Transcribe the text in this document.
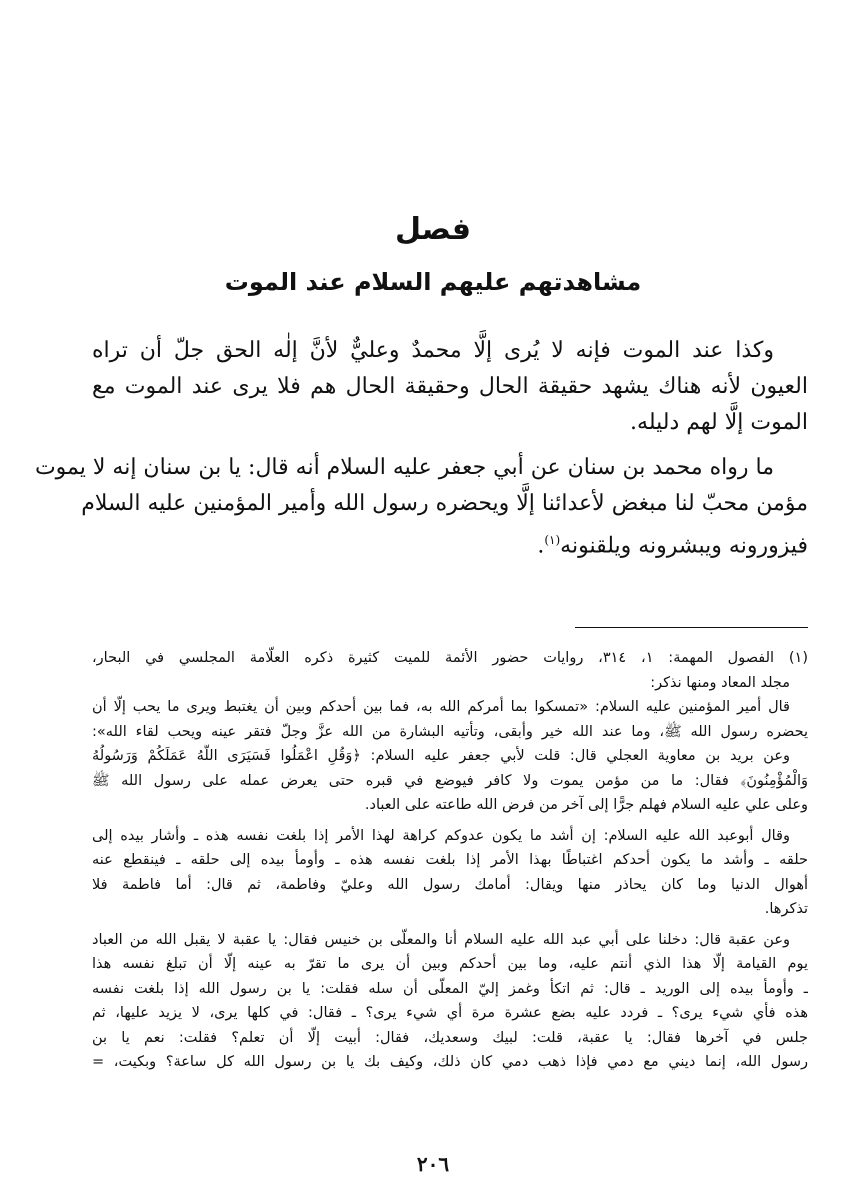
فصل
مشاهدتهم عليهم السلام عند الموت
وكذا عند الموت فإنه لا يُرى إلَّا محمدٌ وعليٌّ لأنَّ إلٰه الحق جلّ أن تراه
العيون لأنه هناك يشهد حقيقة الحال وحقيقة الحال هم فلا يرى عند الموت مع
الموت إلَّا لهم دليله.
ما رواه محمد بن سنان عن أبي جعفر عليه السلام أنه قال: يا بن سنان إنه لا يموت
مؤمن محبّ لنا مبغض لأعدائنا إلَّا ويحضره رسول الله وأمير المؤمنين عليه السلام
فيزورونه ويبشرونه ويلقنونه$^{(١)}$.
(١) الفصول المهمة: ١، ٣١٤، روايات حضور الأئمة للميت كثيرة ذكره العلّامة المجلسي في البحار،
مجلد المعاد ومنها نذكر:
قال أمير المؤمنين عليه السلام: «تمسكوا بما أمركم الله به، فما بين أحدكم وبين أن يغتبط ويرى ما يحب إلّا أن
يحضره رسول الله ﷺ، وما عند الله خير وأبقى، وتأتيه البشارة من الله عزَّ وجلّ فتقر عينه ويحب لقاء الله»:
وعن بريد بن معاوية العجلي قال: قلت لأبي جعفر عليه السلام: ﴿وَقُلِ اعْمَلُوا فَسَيَرَى اللَّهُ عَمَلَكُمْ وَرَسُولُهُ
وَالْمُؤْمِنُونَ﴾ فقال: ما من مؤمن يموت ولا كافر فيوضع في قبره حتى يعرض عمله على رسول الله ﷺ
وعلى علي عليه السلام فهلم جرًّا إلى آخر من فرض الله طاعته على العباد.
وقال أبوعبد الله عليه السلام: إن أشد ما يكون عدوكم كراهة لهذا الأمر إذا بلغت نفسه هذه ـ وأشار بيده إلى
حلقه ـ وأشد ما يكون أحدكم اغتباطًا بهذا الأمر إذا بلغت نفسه هذه ـ وأومأ بيده إلى حلقه ـ فينقطع عنه
أهوال الدنيا وما كان يحاذر منها ويقال: أمامك رسول الله وعليّ وفاطمة، ثم قال: أما فاطمة فلا
تذكرها.
وعن عقبة قال: دخلنا على أبي عبد الله عليه السلام أنا والمعلّى بن خنيس فقال: يا عقبة لا يقبل الله من العباد
يوم القيامة إلّا هذا الذي أنتم عليه، وما بين أحدكم وبين أن يرى ما تقرّ به عينه إلّا أن تبلغ نفسه هذا
ـ وأومأ بيده إلى الوريد ـ قال: ثم اتكأ وغمز إليّ المعلّى أن سله فقلت: يا بن رسول الله إذا بلغت نفسه
هذه فأي شيء يرى؟ ـ فردد عليه بضع عشرة مرة أي شيء يرى؟ ـ فقال: في كلها يرى، لا يزيد عليها، ثم
جلس في آخرها فقال: يا عقبة، قلت: لبيك وسعديك، فقال: أبيت إلّا أن تعلم؟ فقلت: نعم يا بن
رسول الله، إنما ديني مع دمي فإذا ذهب دمي كان ذلك، وكيف بك يا بن رسول الله كل ساعة؟ وبكيت، =
٢٠٦
